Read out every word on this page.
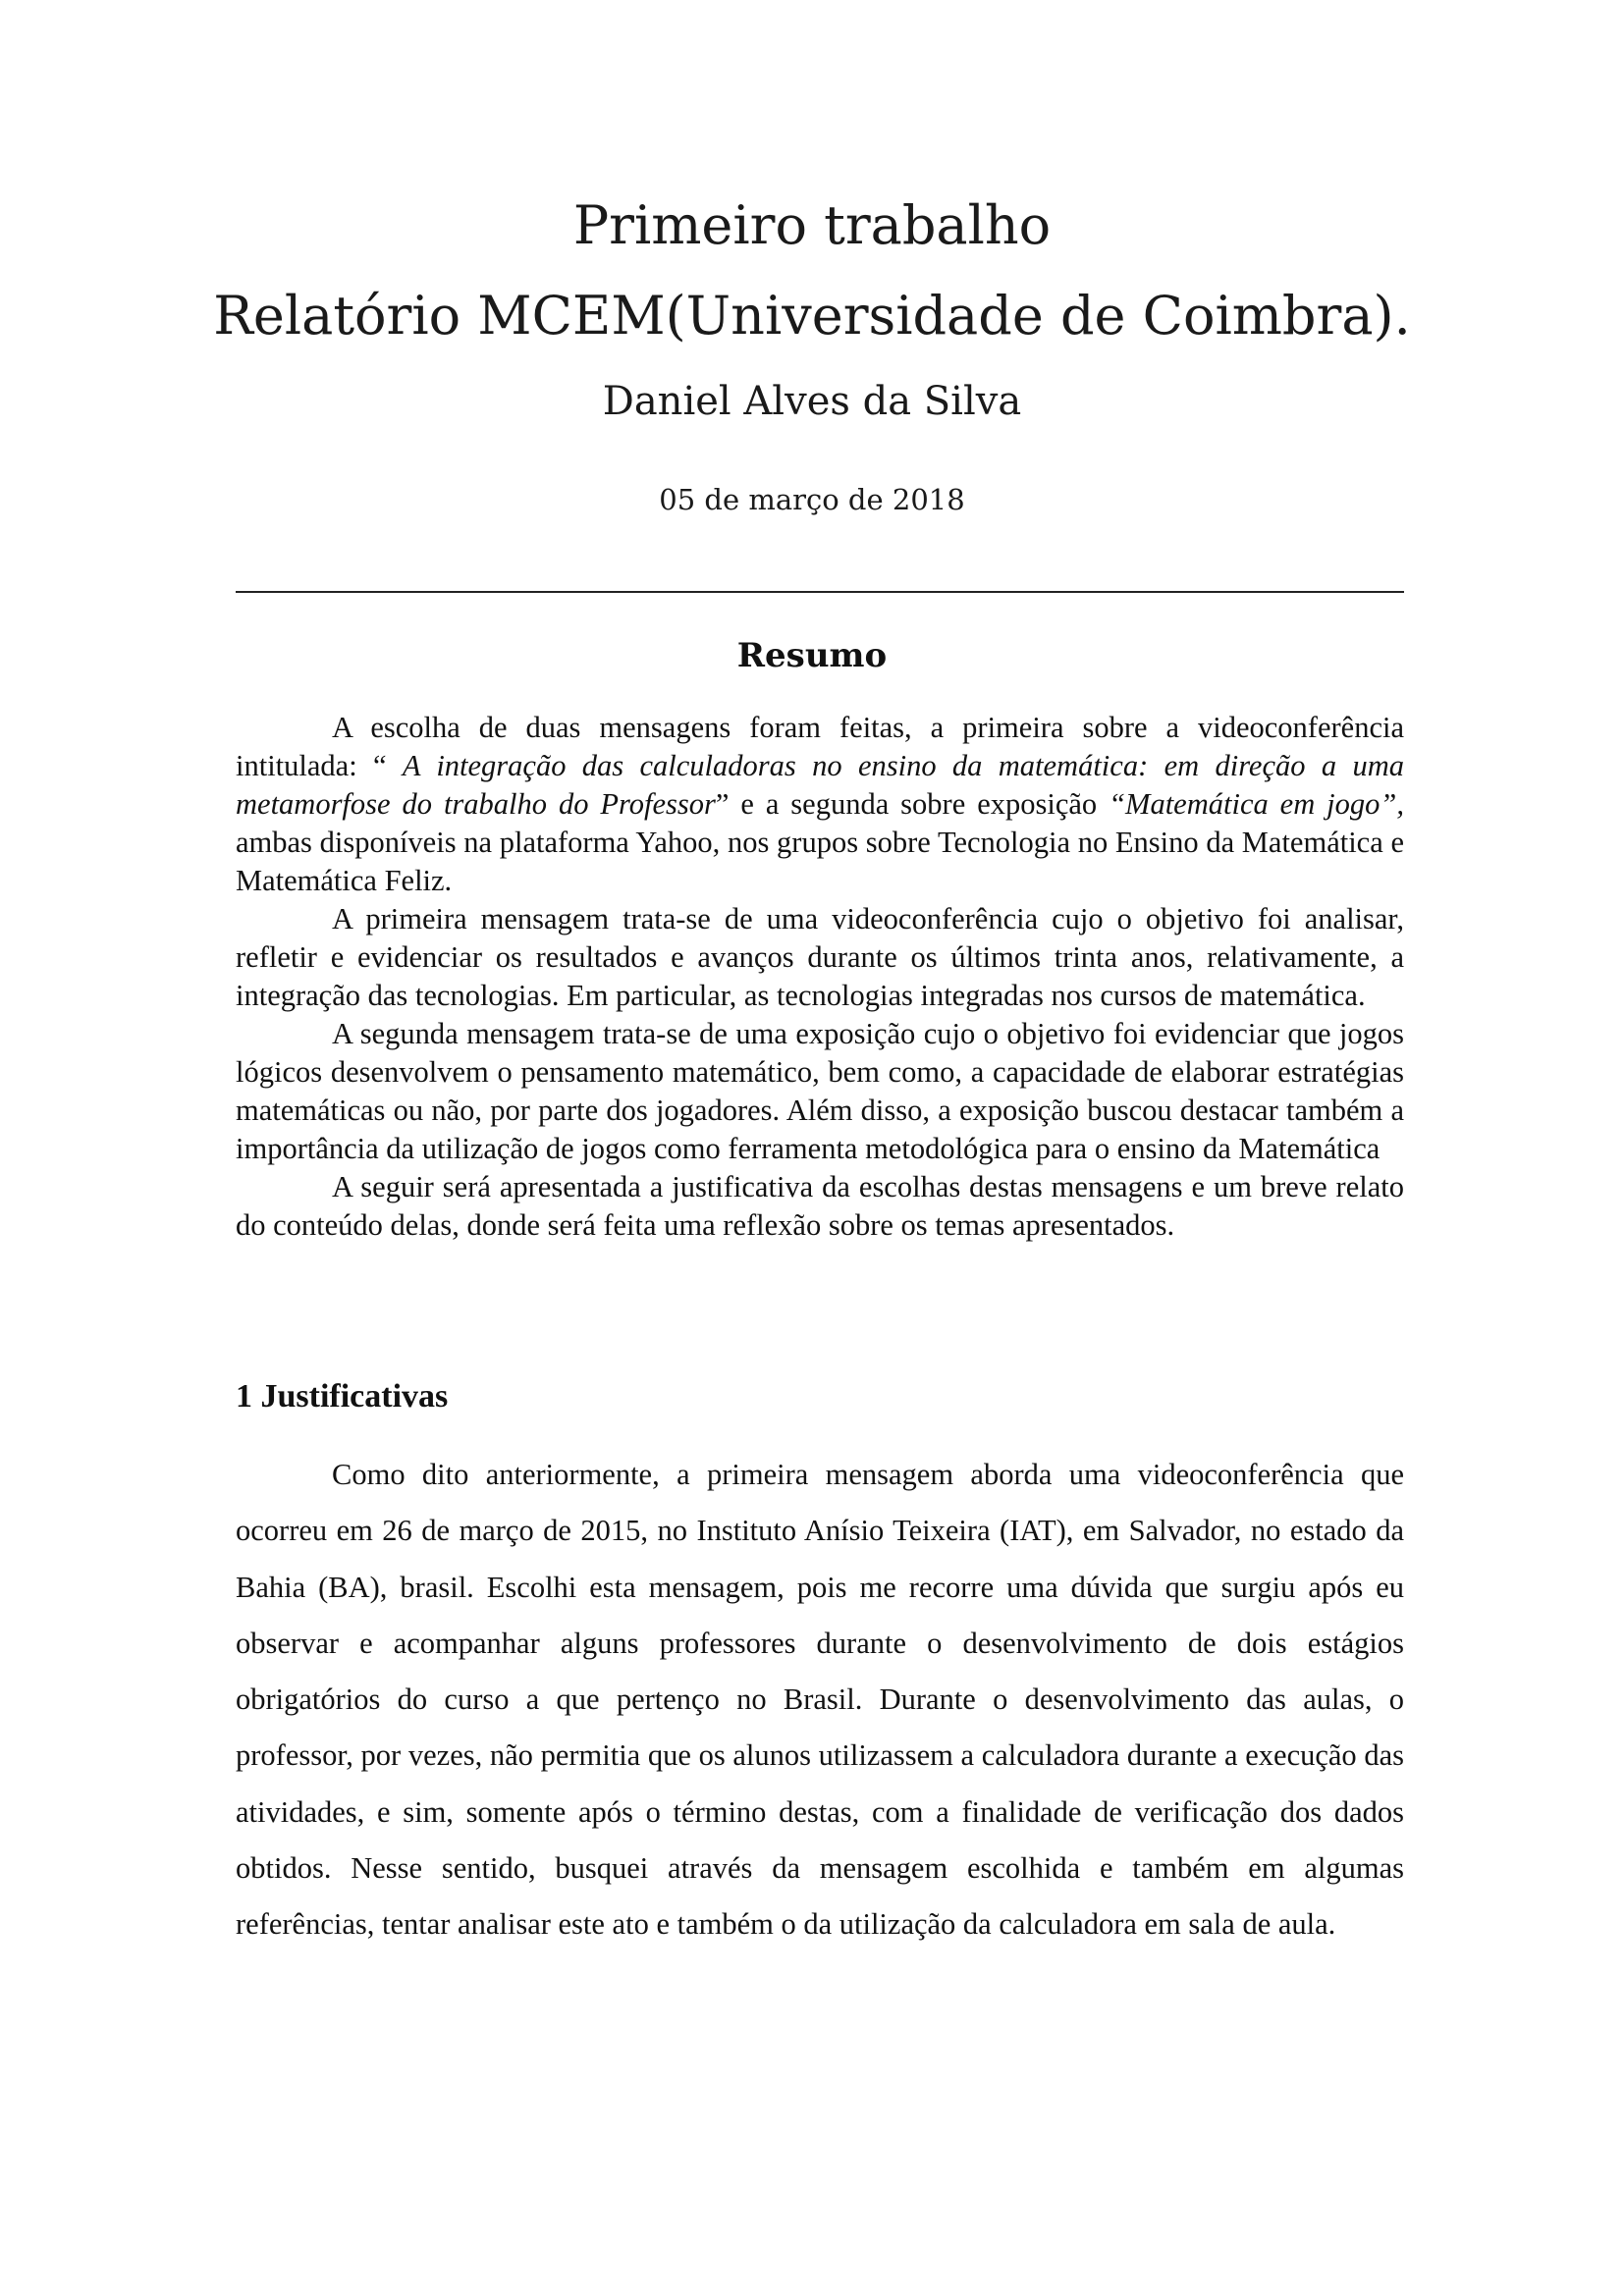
Primeiro trabalho
Relatório MCEM(Universidade de Coimbra).
Daniel Alves da Silva
05 de março de 2018
Resumo

A escolha de duas mensagens foram feitas, a primeira sobre a videoconferência intitulada: “ A integração das calculadoras no ensino da matemática: em direção a uma metamorfose do trabalho do Professor” e a segunda sobre exposição “Matemática em jogo”, ambas disponíveis na plataforma Yahoo, nos grupos sobre Tecnologia no Ensino da Matemática e Matemática Feliz.

A primeira mensagem trata-se de uma videoconferência cujo o objetivo foi analisar, refletir e evidenciar os resultados e avanços durante os últimos trinta anos, relativamente, a integração das tecnologias. Em particular, as tecnologias integradas nos cursos de matemática.

A segunda mensagem trata-se de uma exposição cujo o objetivo foi evidenciar que jogos lógicos desenvolvem o pensamento matemático, bem como, a capacidade de elaborar estratégias matemáticas ou não, por parte dos jogadores. Além disso, a exposição buscou destacar também a importância da utilização de jogos como ferramenta metodológica para o ensino da Matemática

A seguir será apresentada a justificativa da escolhas destas mensagens e um breve relato do conteúdo delas, donde será feita uma reflexão sobre os temas apresentados.

1 Justificativas

Como dito anteriormente, a primeira mensagem aborda uma videoconferência que ocorreu em 26 de março de 2015, no Instituto Anísio Teixeira (IAT), em Salvador, no estado da Bahia (BA), brasil. Escolhi esta mensagem, pois me recorre uma dúvida que surgiu após eu observar e acompanhar alguns professores durante o desenvolvimento de dois estágios obrigatórios do curso a que pertenço no Brasil. Durante o desenvolvimento das aulas, o professor, por vezes, não permitia que os alunos utilizassem a calculadora durante a execução das atividades, e sim, somente após o término destas, com a finalidade de verificação dos dados obtidos. Nesse sentido, busquei através da mensagem escolhida e também em algumas referências, tentar analisar este ato e também o da utilização da calculadora em sala de aula.
